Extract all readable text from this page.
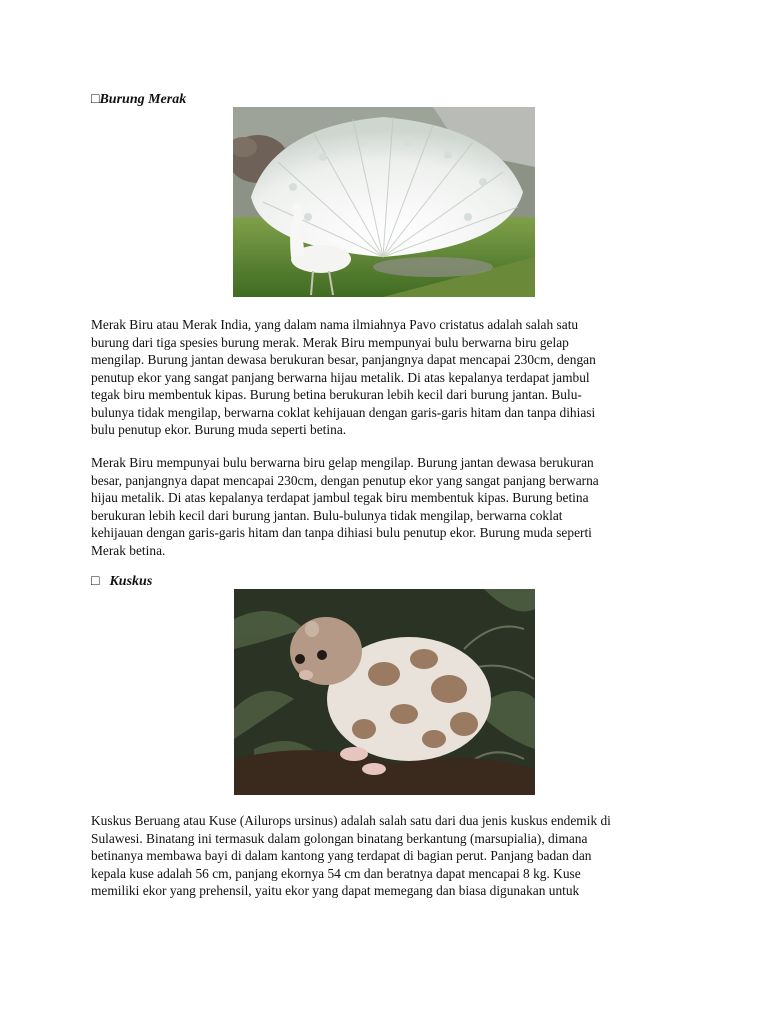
□Burung Merak
Merak Biru atau Merak India, yang dalam nama ilmiahnya Pavo cristatus adalah salah satu
burung dari tiga spesies burung merak. Merak Biru mempunyai bulu berwarna biru gelap
mengilap. Burung jantan dewasa berukuran besar, panjangnya dapat mencapai 230cm, dengan
penutup ekor yang sangat panjang berwarna hijau metalik. Di atas kepalanya terdapat jambul
tegak biru membentuk kipas. Burung betina berukuran lebih kecil dari burung jantan. Bulu-
bulunya tidak mengilap, berwarna coklat kehijauan dengan garis-garis hitam dan tanpa dihiasi
bulu penutup ekor. Burung muda seperti betina.
Merak Biru mempunyai bulu berwarna biru gelap mengilap. Burung jantan dewasa berukuran
besar, panjangnya dapat mencapai 230cm, dengan penutup ekor yang sangat panjang berwarna
hijau metalik. Di atas kepalanya terdapat jambul tegak biru membentuk kipas. Burung betina
berukuran lebih kecil dari burung jantan. Bulu-bulunya tidak mengilap, berwarna coklat
kehijauan dengan garis-garis hitam dan tanpa dihiasi bulu penutup ekor. Burung muda seperti
Merak betina.
□ Kuskus
Kuskus Beruang atau Kuse (Ailurops ursinus) adalah salah satu dari dua jenis kuskus endemik di
Sulawesi. Binatang ini termasuk dalam golongan binatang berkantung (marsupialia), dimana
betinanya membawa bayi di dalam kantong yang terdapat di bagian perut. Panjang badan dan
kepala kuse adalah 56 cm, panjang ekornya 54 cm dan beratnya dapat mencapai 8 kg. Kuse
memiliki ekor yang prehensil, yaitu ekor yang dapat memegang dan biasa digunakan untuk
